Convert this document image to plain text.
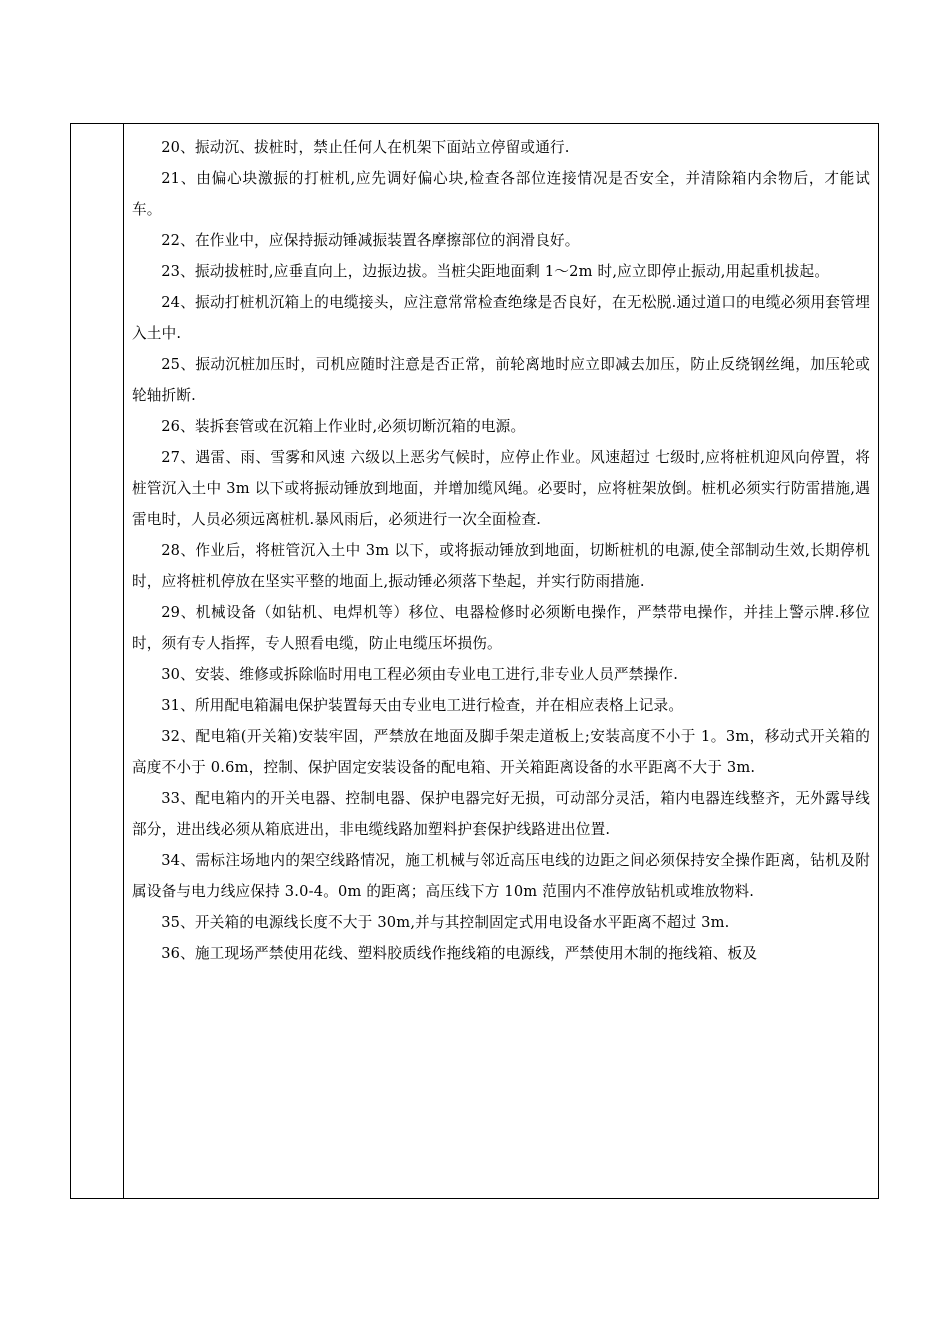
20、振动沉、拔桩时，禁止任何人在机架下面站立停留或通行.

21、由偏心块激振的打桩机,应先调好偏心块,检查各部位连接情况是否安全，并清除箱内余物后，才能试车。

22、在作业中，应保持振动锤减振装置各摩擦部位的润滑良好。

23、振动拔桩时,应垂直向上，边振边拔。当桩尖距地面剩 1～2m 时,应立即停止振动,用起重机拔起。

24、振动打桩机沉箱上的电缆接头，应注意常常检查绝缘是否良好，在无松脱.通过道口的电缆必须用套管埋入土中.

25、振动沉桩加压时，司机应随时注意是否正常，前轮离地时应立即减去加压，防止反绕钢丝绳，加压轮或轮轴折断.

26、装拆套管或在沉箱上作业时,必须切断沉箱的电源。

27、遇雷、雨、雪雾和风速 六级以上恶劣气候时，应停止作业。风速超过 七级时,应将桩机迎风向停置，将桩管沉入土中 3m 以下或将振动锤放到地面，并增加缆风绳。必要时，应将桩架放倒。桩机必须实行防雷措施,遇雷电时，人员必须远离桩机.暴风雨后，必须进行一次全面检查.

28、作业后，将桩管沉入土中 3m 以下，或将振动锤放到地面，切断桩机的电源,使全部制动生效,长期停机时，应将桩机停放在坚实平整的地面上,振动锤必须落下垫起，并实行防雨措施.

29、机械设备（如钻机、电焊机等）移位、电器检修时必须断电操作，严禁带电操作，并挂上警示牌.移位时，须有专人指挥，专人照看电缆，防止电缆压坏损伤。

30、安装、维修或拆除临时用电工程必须由专业电工进行,非专业人员严禁操作.

31、所用配电箱漏电保护装置每天由专业电工进行检查，并在相应表格上记录。

32、配电箱(开关箱)安装牢固，严禁放在地面及脚手架走道板上;安装高度不小于 1。3m，移动式开关箱的高度不小于 0.6m，控制、保护固定安装设备的配电箱、开关箱距离设备的水平距离不大于 3m.

33、配电箱内的开关电器、控制电器、保护电器完好无损，可动部分灵活，箱内电器连线整齐，无外露导线部分，进出线必须从箱底进出，非电缆线路加塑料护套保护线路进出位置.

34、需标注场地内的架空线路情况，施工机械与邻近高压电线的边距之间必须保持安全操作距离，钻机及附属设备与电力线应保持 3.0-4。0m 的距离；高压线下方 10m 范围内不准停放钻机或堆放物料.

35、开关箱的电源线长度不大于 30m,并与其控制固定式用电设备水平距离不超过 3m.

36、施工现场严禁使用花线、塑料胶质线作拖线箱的电源线，严禁使用木制的拖线箱、板及
